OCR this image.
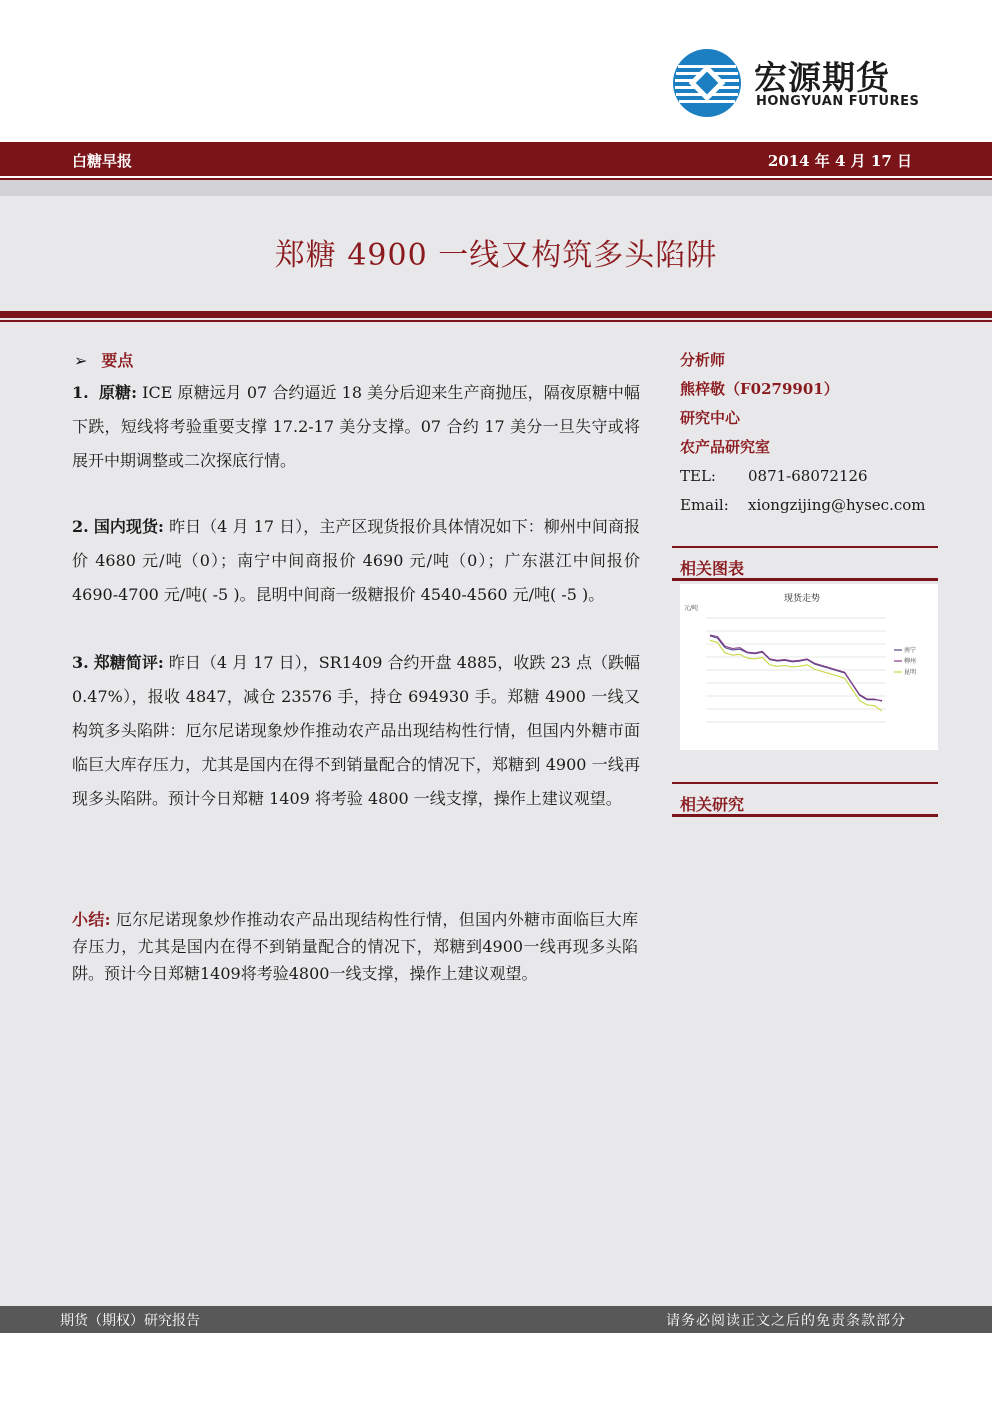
宏源期货
HONGYUAN FUTURES
白糖早报	2014 年 4 月 17 日
郑糖 4900 一线又构筑多头陷阱
➢ 要点
1. 原糖: ICE 原糖远月 07 合约逼近 18 美分后迎来生产商抛压，隔夜原糖中幅下跌，短线将考验重要支撑 17.2-17 美分支撑。07 合约 17 美分一旦失守或将展开中期调整或二次探底行情。
2. 国内现货: 昨日（4 月 17 日），主产区现货报价具体情况如下：柳州中间商报价 4680 元/吨（0）；南宁中间商报价 4690 元/吨（0）；广东湛江中间报价 4690-4700 元/吨( -5 )。昆明中间商一级糖报价 4540-4560 元/吨( -5 )。
3. 郑糖简评: 昨日（4 月 17 日），SR1409 合约开盘 4885，收跌 23 点（跌幅 0.47%），报收 4847，减仓 23576 手，持仓 694930 手。郑糖 4900 一线又构筑多头陷阱：厄尔尼诺现象炒作推动农产品出现结构性行情，但国内外糖市面临巨大库存压力，尤其是国内在得不到销量配合的情况下，郑糖到 4900 一线再现多头陷阱。预计今日郑糖 1409 将考验 4800 一线支撑，操作上建议观望。
小结: 厄尔尼诺现象炒作推动农产品出现结构性行情，但国内外糖市面临巨大库存压力，尤其是国内在得不到销量配合的情况下，郑糖到4900一线再现多头陷阱。预计今日郑糖1409将考验4800一线支撑，操作上建议观望。
分析师
熊梓敬（F0279901）
研究中心
农产品研究室
TEL:	0871-68072126
Email:	xiongzijing@hysec.com
相关图表
现货走势
元/吨
南宁
柳州
昆明
相关研究
期货（期权）研究报告	请务必阅读正文之后的免责条款部分
